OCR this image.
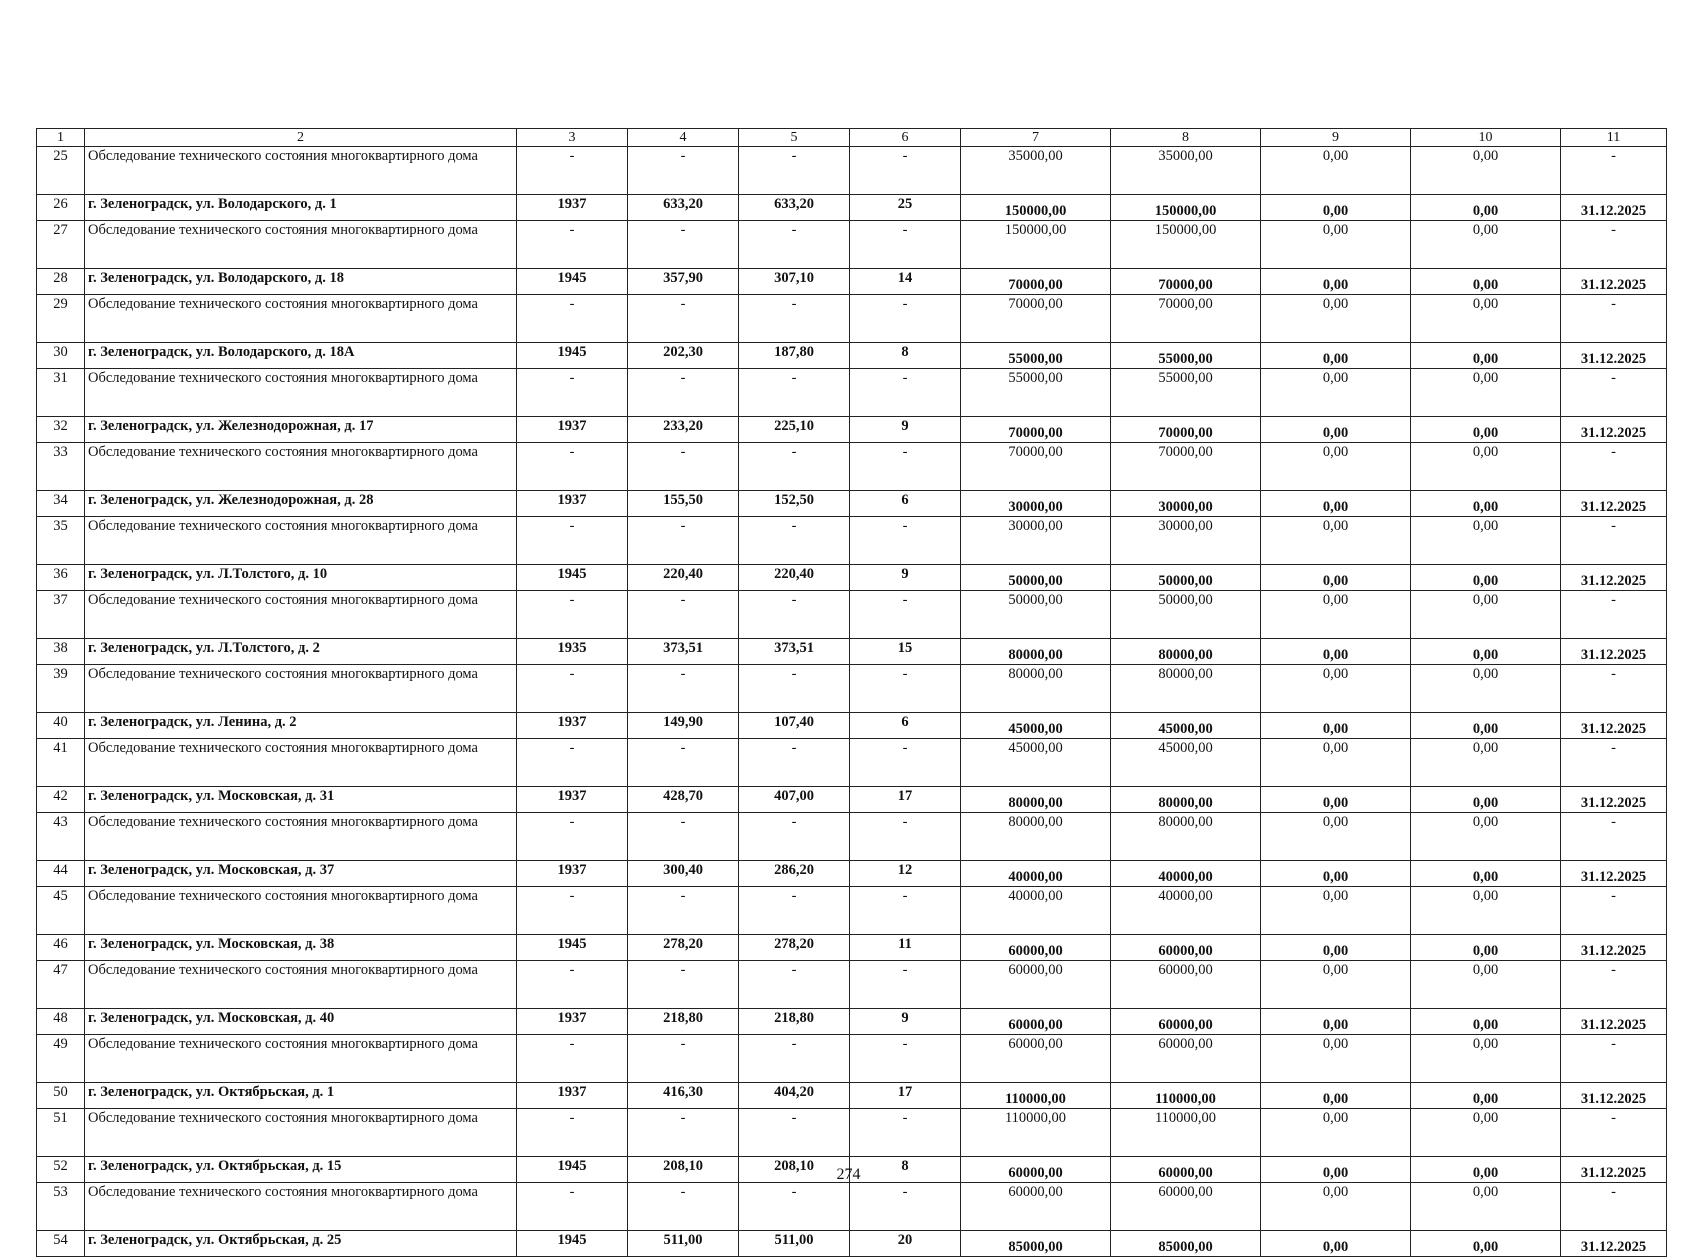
1	2	3	4	5	6	7	8	9	10	11
25	Обследование технического состояния многоквартирного дома	-	-	-	-	35000,00	35000,00	0,00	0,00	-
26	г. Зеленоградск, ул. Володарского, д. 1	1937	633,20	633,20	25	150000,00	150000,00	0,00	0,00	31.12.2025
27	Обследование технического состояния многоквартирного дома	-	-	-	-	150000,00	150000,00	0,00	0,00	-
28	г. Зеленоградск, ул. Володарского, д. 18	1945	357,90	307,10	14	70000,00	70000,00	0,00	0,00	31.12.2025
29	Обследование технического состояния многоквартирного дома	-	-	-	-	70000,00	70000,00	0,00	0,00	-
30	г. Зеленоградск, ул. Володарского, д. 18А	1945	202,30	187,80	8	55000,00	55000,00	0,00	0,00	31.12.2025
31	Обследование технического состояния многоквартирного дома	-	-	-	-	55000,00	55000,00	0,00	0,00	-
32	г. Зеленоградск, ул. Железнодорожная, д. 17	1937	233,20	225,10	9	70000,00	70000,00	0,00	0,00	31.12.2025
33	Обследование технического состояния многоквартирного дома	-	-	-	-	70000,00	70000,00	0,00	0,00	-
34	г. Зеленоградск, ул. Железнодорожная, д. 28	1937	155,50	152,50	6	30000,00	30000,00	0,00	0,00	31.12.2025
35	Обследование технического состояния многоквартирного дома	-	-	-	-	30000,00	30000,00	0,00	0,00	-
36	г. Зеленоградск, ул. Л.Толстого, д. 10	1945	220,40	220,40	9	50000,00	50000,00	0,00	0,00	31.12.2025
37	Обследование технического состояния многоквартирного дома	-	-	-	-	50000,00	50000,00	0,00	0,00	-
38	г. Зеленоградск, ул. Л.Толстого, д. 2	1935	373,51	373,51	15	80000,00	80000,00	0,00	0,00	31.12.2025
39	Обследование технического состояния многоквартирного дома	-	-	-	-	80000,00	80000,00	0,00	0,00	-
40	г. Зеленоградск, ул. Ленина, д. 2	1937	149,90	107,40	6	45000,00	45000,00	0,00	0,00	31.12.2025
41	Обследование технического состояния многоквартирного дома	-	-	-	-	45000,00	45000,00	0,00	0,00	-
42	г. Зеленоградск, ул. Московская, д. 31	1937	428,70	407,00	17	80000,00	80000,00	0,00	0,00	31.12.2025
43	Обследование технического состояния многоквартирного дома	-	-	-	-	80000,00	80000,00	0,00	0,00	-
44	г. Зеленоградск, ул. Московская, д. 37	1937	300,40	286,20	12	40000,00	40000,00	0,00	0,00	31.12.2025
45	Обследование технического состояния многоквартирного дома	-	-	-	-	40000,00	40000,00	0,00	0,00	-
46	г. Зеленоградск, ул. Московская, д. 38	1945	278,20	278,20	11	60000,00	60000,00	0,00	0,00	31.12.2025
47	Обследование технического состояния многоквартирного дома	-	-	-	-	60000,00	60000,00	0,00	0,00	-
48	г. Зеленоградск, ул. Московская, д. 40	1937	218,80	218,80	9	60000,00	60000,00	0,00	0,00	31.12.2025
49	Обследование технического состояния многоквартирного дома	-	-	-	-	60000,00	60000,00	0,00	0,00	-
50	г. Зеленоградск, ул. Октябрьская, д. 1	1937	416,30	404,20	17	110000,00	110000,00	0,00	0,00	31.12.2025
51	Обследование технического состояния многоквартирного дома	-	-	-	-	110000,00	110000,00	0,00	0,00	-
52	г. Зеленоградск, ул. Октябрьская, д. 15	1945	208,10	208,10	8	60000,00	60000,00	0,00	0,00	31.12.2025
53	Обследование технического состояния многоквартирного дома	-	-	-	-	60000,00	60000,00	0,00	0,00	-
54	г. Зеленоградск, ул. Октябрьская, д. 25	1945	511,00	511,00	20	85000,00	85000,00	0,00	0,00	31.12.2025
274
